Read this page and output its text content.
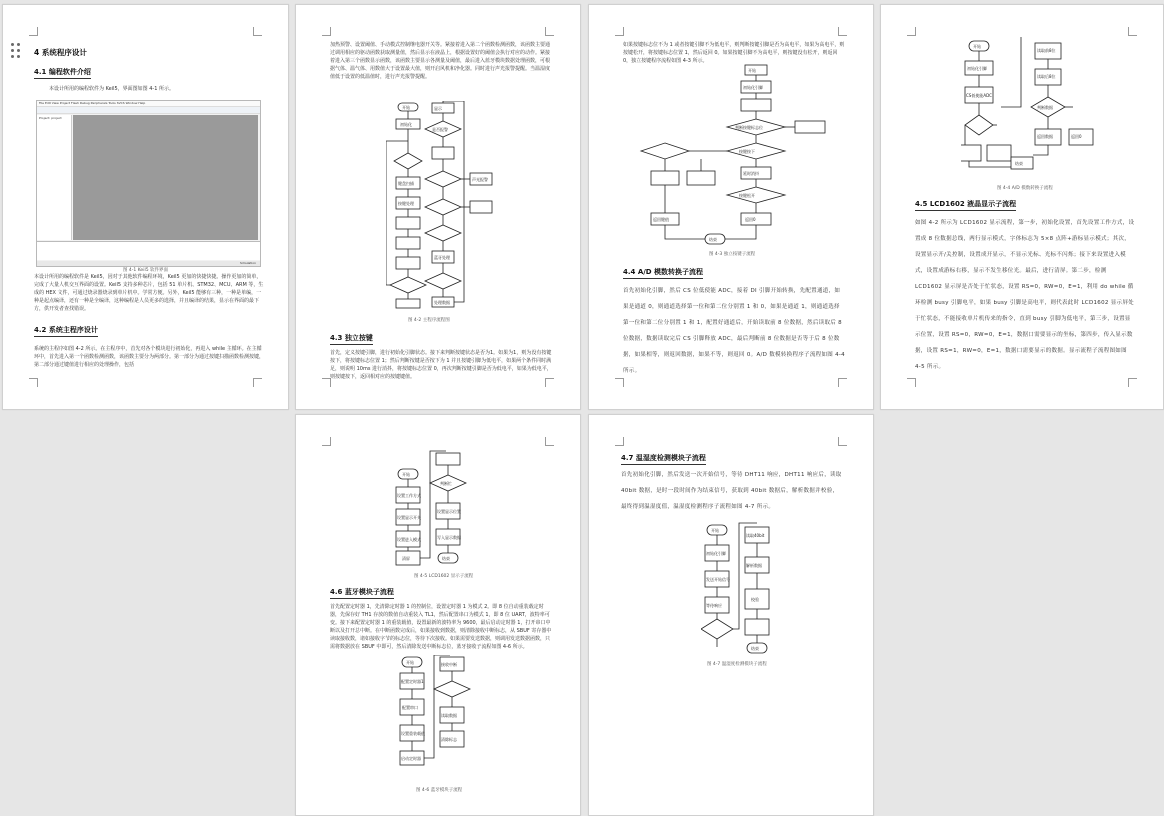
4 系统程序设计
4.1 编程软件介绍
本设计所用的编程软件为 Keil5，界面图如图 4-1 所示。
File Edit View Project Flash Debug Peripherals Tools SVCS Window Help
Project: project
Simulation
图 4-1 Keil5 软件界面
本设计所用的编程软件是 Keil5，因对于其他软件编程环境，Keil5 更加的快捷快捷。操作更加的简单，完成了大量人机交互界面的设置。Keil5 支持多种芯片，包括 51 单片机、STM32、MCU、ARM 等，生成的 HEX 文件，可通过烧录器烧录到单片机中。学常方便。另外，Keil5 能够有三种，一种是单编，一种是起点编译，还有一种是全编译，这种编程是人员更多的选择，并且编译的结果，显示在界面的最下方，供开发者查找错误。
4.2 系统主程序设计
系统的主程序如图 4-2 所示。在主程序中，首先对各个模块进行初始化，再进入 while 主循环。在主循环中，首先进入第一个函数检测函数，该函数主要分为两部分。第一部分为通过按键扫描函数检测按键，第二部分通过键值进行相应的处理操作，包括
加热预警、设置阈值、手动模式控制继电器开关等。紧接着进入第二个函数检测函数，该函数主要通过调用相应的驱动函数获取测量值，然后显示在液晶上，根据设置好的阈值会执行对应的动作。紧接着进入第三个函数显示函数，该函数主要显示各测量及阈值，最后进入蓝牙模块数据处理函数，可根据气体、温气体、用数值大于设置最大值，则开启风机和净化器。同时进行声光报警提醒。当温湿度值低于设置的低温值时，进行声光报警提醒。
开始
初始化
键盘扫描
按键处理
显示
是否报警
声光报警
蓝牙处理
处理数据
图 4-2 主程序流程图
4.3 独立按键
首先，定义按键引脚，进行初始化引脚状态。接下来判断按键状态是否为1。如果为1，则为没有按键按下，将按键标志位置 1；然后判断按键是否按下为 1 并且按键引脚为低电平，如果两个条件同时满足，则说明 10ms 进行消抖，将按键标志位置 0，再次判断按键引脚是否为低电平，如果为低电平，则按键按下，返回相对应的按键键值。
如果按键标志位不为 1 或者按键引脚不为低电平，则判断按键引脚是否为高电平，如果为高电平，则按键松开，将按键标志位置 1，然后返回 0。如果按键引脚不为高电平，则按键没有松开，则返回 0，独立按键程序流程如图 4-3 所示。
开始
初始化引脚
判断按键标志位
按键按下
延时消抖
按键松开
返回键值	返回0
结束
图 4-3 独立按键子流程
4.4 A/D 模数转换子流程
首先初始化引脚，然后 CS 位低使能 ADC，接着 DI 引脚开始转换，先配置通道，如果是通道 0，则通道选择第一位和第二位分别置 1 和 0，如果是通道 1，则通道选择第一位和第二位分别置 1 和 1，配置好通道后，开始读取前 8 位数据，然后读取后 8 位数据，数据读取完后 CS 引脚释放 ADC，最后判断前 8 位数据是否等于后 8 位数据，如果相等，则返回数据，如果不等，则返回 0。A/D 数模转换程序子流程如图 4-4 所示。
开始
初始化引脚
CS低使能ADC
结束
读取前8位
读取后8位
判断数据
返回数据	返回0
图 4-4 A/D 模数转换子流程
4.5 LCD1602 液晶显示子流程
如图 4-2 所示为 LCD1602 显示流程，第一步，初始化设置，首先设置工作方式，设置成 8 位数据总线，两行显示模式，字体标志为 5×8 点阵+游标显示模式；其次，设置显示开/关控制，设置成开显示，不显示光标、光标不闪烁；接下来设置进入模式，设置成游标右移，显示不发生移位光。最后，进行清屏。第二步，检测 LCD1602 显示屏是否处于忙状态，设置 RS=0，RW=0，E=1，利用 do while 循环检测 busy 引脚电平，如果 busy 引脚是高电平，则代表此时 LCD1602 显示屏处于忙状态，不能接收单片机传来的指令，直到 busy 引脚为低电平，第三步，设置显示位置，设置 RS=0，RW=0，E=1，数据口需要显示的坐标，第四步，传入显示数据，设置 RS=1，RW=0，E=1，数据口需要显示的数据。显示流程子流程图如图 4-5 所示。
开始
设置工作方式
设置显示开关
设置进入模式
清屏
判断忙
设置显示位置
写入显示数据
结束
图 4-5 LCD1602 显示子流程
4.6 蓝牙模块子流程
首先配置定时器 1，先清除定时器 1 的控制位，设置定时器 1 为模式 2。即 8 位自动重装载定时器，先保存好 TH1 存放的数值自动重装入 TL1，然后配置串口为模式 1，即 8 位 UART，波特率可变。接下来配置定时器 1 的重装载值，设置最新的波特率为 9600，最后启动定时器 1，打开串口中断以及打开总中断。在中断函数完成后，如果接收到数据，则清除接收中断标志，从 SBUF 寄存器中读取接收数，诸如接收字节的标志位，等待下次接收。如果需要发送数据，则调用发送数据函数，只需将数据放在 SBUF 中即可，然后清除发送中断标志位，蓝牙接收子流程如图 4-6 所示。
开始
配置定时器1
配置串口
设置重装载值
启动定时器
接收中断
读取数据
清除标志
图 4-6 蓝牙模块子流程
4.7 温湿度检测模块子流程
首先初始化引脚，然后发送一次开始信号，等待 DHT11 响应，DHT11 响应后，读取 40bit 数据，是时一段时间作为结束信号，获取到 40bit 数据后，解析数据并校验，最终得到温湿度值，温湿度检测程序子流程如图 4-7 所示。
开始
初始化引脚
发送开始信号
等待响应
读取40bit
解析数据
校验
结束
图 4-7 温湿度检测模块子流程
